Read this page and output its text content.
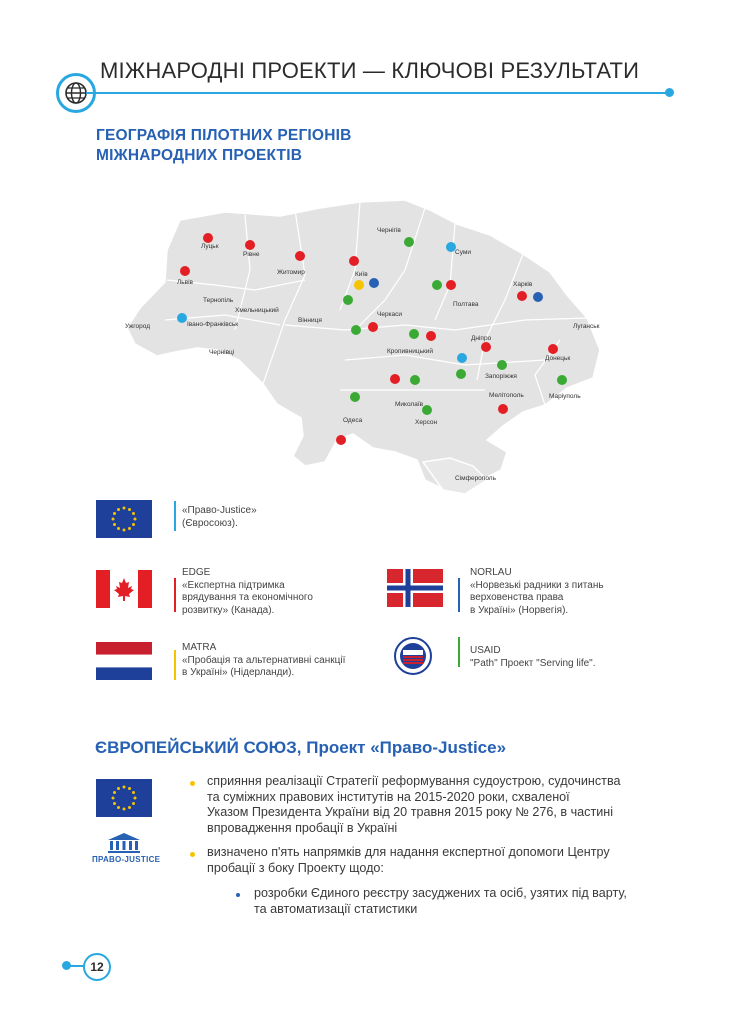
МІЖНАРОДНІ ПРОЕКТИ — КЛЮЧОВІ РЕЗУЛЬТАТИ
ГЕОГРАФІЯ ПІЛОТНИХ РЕГІОНІВ
МІЖНАРОДНИХ ПРОЕКТІВ
Луцьк
Рівне
Житомир	Київ
Чернігів
Суми
Харків
Львів
Тернопіль
Хмельницький
Вінниця
Ужгород	Івано-Франківськ
Чернівці
Черкаси
Полтава
Луганськ
Кропивницький
Дніпро
Донецьк
Запоріжжя
Маріуполь
Миколаїв
Мелітополь
Одеса	Херсон
Сімферополь
«Право-Justice»
(Євросоюз).
EDGE
«Експертна підтримка
врядування та економічного
розвитку» (Канада).
NORLAU
«Норвезькі радники з питань
верховенства права
в Україні» (Норвегія).
MATRA
«Пробація та альтернативні санкції
в Україні» (Нідерланди).
USAID
"Path" Проект "Serving life".
ЄВРОПЕЙСЬКИЙ СОЮЗ, Проект «Право-Justice»
ПРАВО-JUSTICE
сприяння реалізації Стратегії реформування судоустрою, судочинства
та суміжних правових інститутів на 2015-2020 роки, схваленої
Указом Президента України від 20 травня 2015 року № 276, в частині
впровадження пробації в Україні
визначено п'ять напрямків для надання експертної допомоги Центру
пробації з боку Проекту щодо:
розробки Єдиного реєстру засуджених та осіб, узятих під варту,
та автоматизації статистики
12
